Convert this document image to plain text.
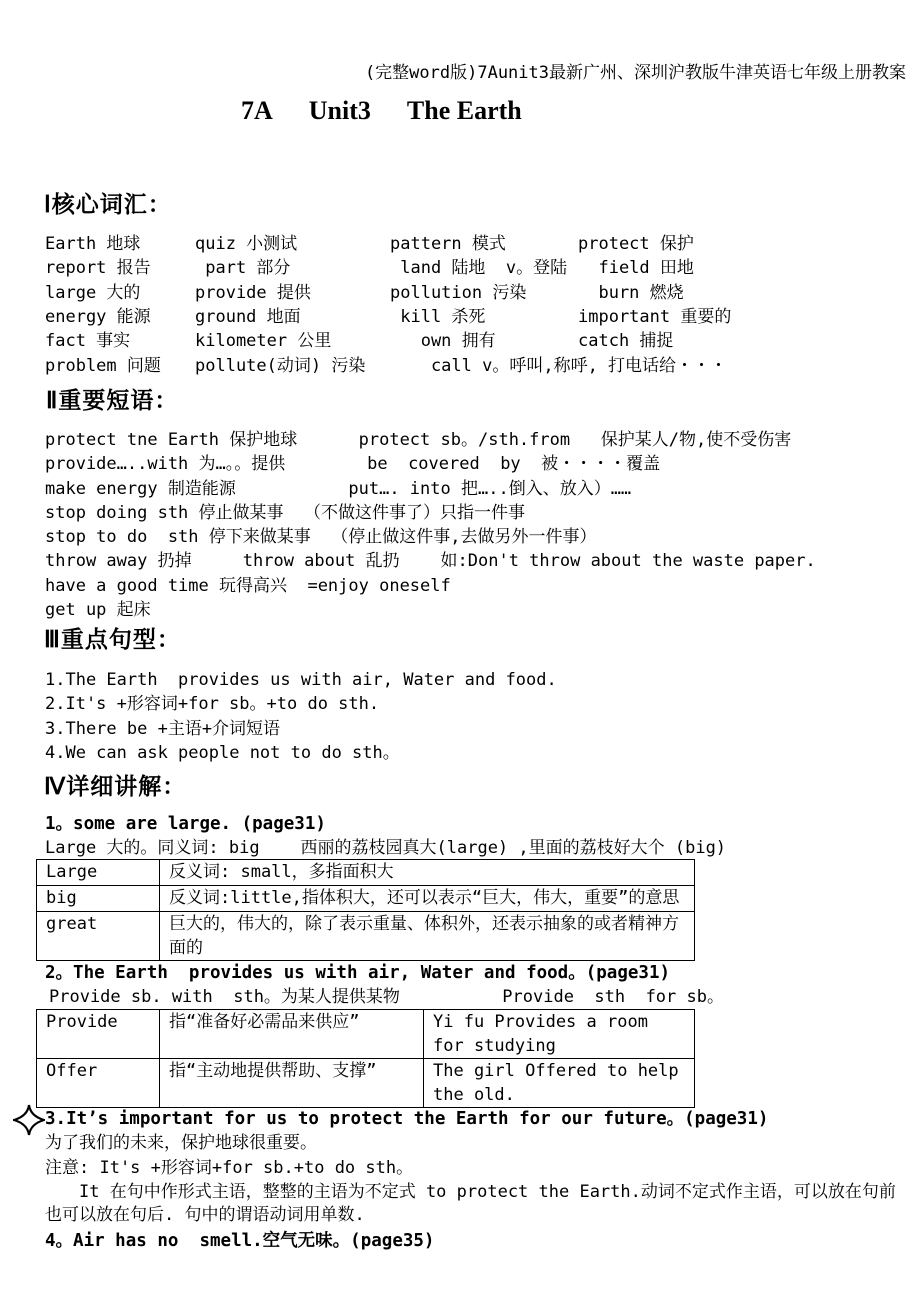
(完整word版)7Aunit3最新广州、深圳沪教版牛津英语七年级上册教案
7A Unit3 The Earth
Ⅰ核心词汇：
Earth 地球	quiz 小测试	pattern 模式	protect 保护
report 报告	part 部分	land 陆地  v。登陆 field 田地
large 大的	provide 提供	pollution 污染	burn 燃烧
energy 能源	ground 地面	kill 杀死	important 重要的
fact 事实	kilometer 公里	own 拥有	catch 捕捉
problem 问题	pollute(动词) 污染	call v。呼叫,称呼, 打电话给・・・
Ⅱ重要短语：
protect tne Earth 保护地球      protect sb。/sth.from   保护某人/物,使不受伤害
provide…..with 为…。。提供        be  covered  by  被・・・・覆盖
make energy 制造能源           put…. into 把…..倒入、放入）……
stop doing sth 停止做某事  （不做这件事了）只指一件事
stop to do  sth 停下来做某事  （停止做这件事,去做另外一件事）
throw away 扔掉     throw about 乱扔    如:Don't throw about the waste paper.
have a good time 玩得高兴  =enjoy oneself
get up 起床
Ⅲ重点句型：
1.The Earth  provides us with air, Water and food.
2.It's +形容词+for sb。+to do sth.
3.There be +主语+介词短语
4.We can ask people not to do sth。
Ⅳ详细讲解：
1。some are large. (page31)
Large 大的。同义词: big    西丽的荔枝园真大(large) ,里面的荔枝好大个 (big)
Large	反义词: small，多指面积大
big	反义词:little,指体积大，还可以表示“巨大，伟大，重要”的意思
great	巨大的，伟大的，除了表示重量、体积外，还表示抽象的或者精神方面的
2。The Earth  provides us with air, Water and food。(page31)
Provide sb. with  sth。为某人提供某物          Provide  sth  for sb。
Provide	指“准备好必需品来供应”	Yi fu Provides a room for studying
Offer	指“主动地提供帮助、支撑”	The girl Offered to help the old.
3.It’s important for us to protect the Earth for our future。(page31)
为了我们的未来，保护地球很重要。
注意: It's +形容词+for sb.+to do sth。
It 在句中作形式主语，整整的主语为不定式 to protect the Earth.动词不定式作主语，可以放在句前
也可以放在句后. 句中的谓语动词用单数.
4。Air has no  smell.空气无味。(page35)
